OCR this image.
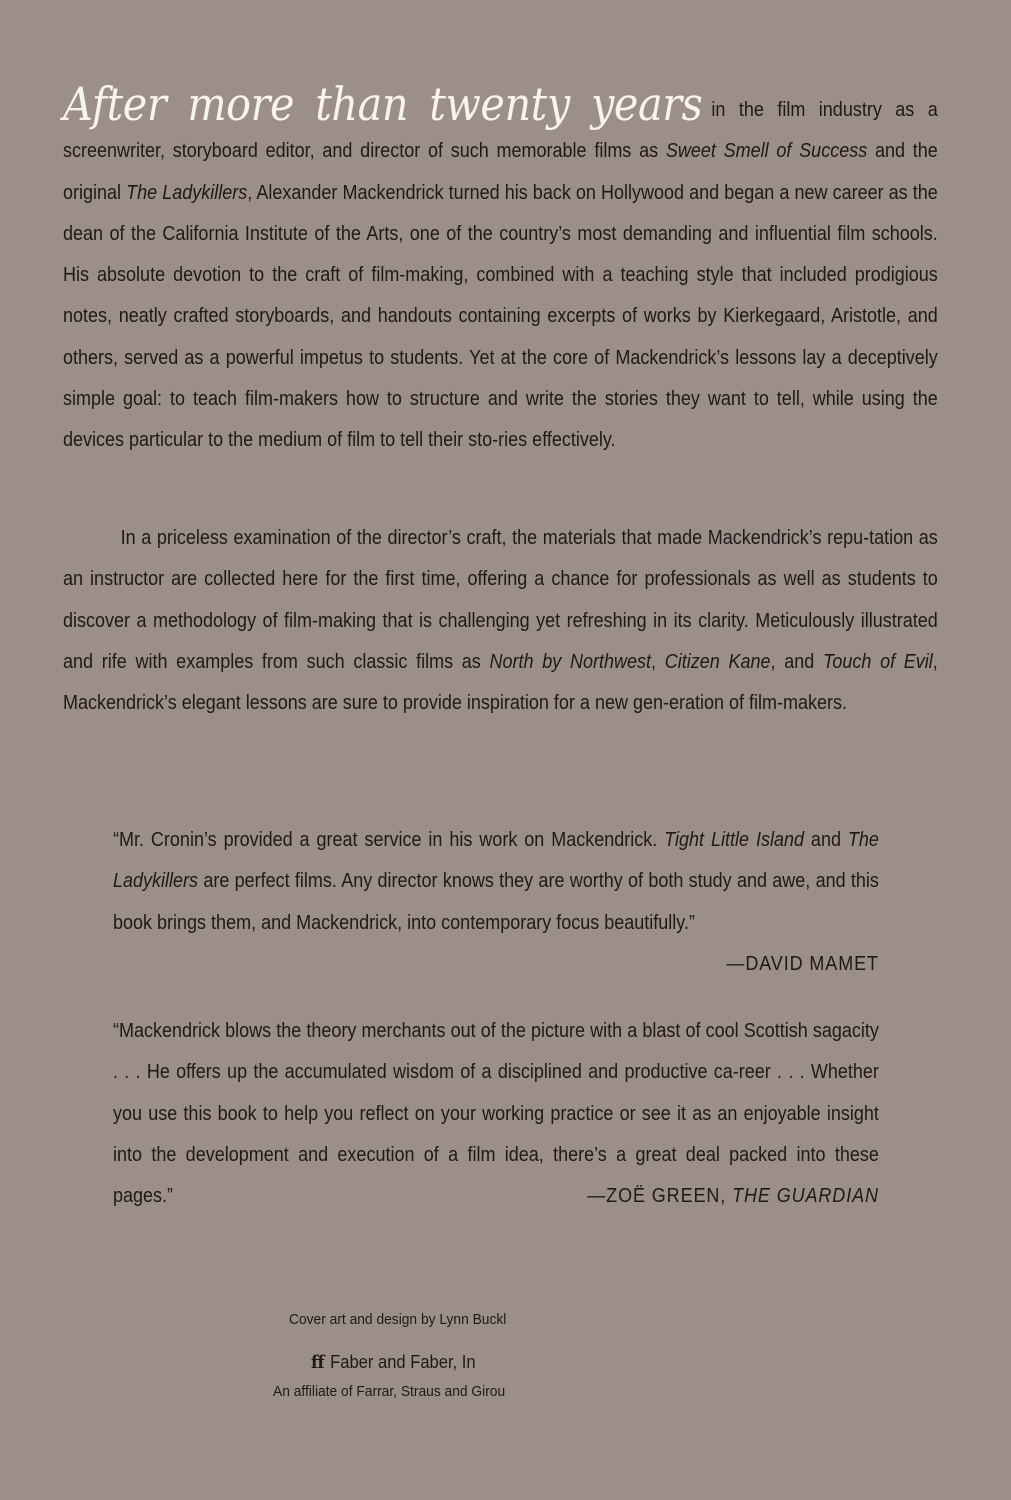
After more than twenty years in the film industry as a screenwriter, storyboard editor, and director of such memorable films as Sweet Smell of Success and the original The Ladykillers, Alexander Mackendrick turned his back on Hollywood and began a new career as the dean of the California Institute of the Arts, one of the country’s most demanding and influential film schools. His absolute devotion to the craft of film-making, combined with a teaching style that included prodigious notes, neatly crafted storyboards, and handouts containing excerpts of works by Kierkegaard, Aristotle, and others, served as a powerful impetus to students. Yet at the core of Mackendrick’s lessons lay a deceptively simple goal: to teach film-makers how to structure and write the stories they want to tell, while using the devices particular to the medium of film to tell their sto-ries effectively.

In a priceless examination of the director’s craft, the materials that made Mackendrick’s repu-tation as an instructor are collected here for the first time, offering a chance for professionals as well as students to discover a methodology of film-making that is challenging yet refreshing in its clarity. Meticulously illustrated and rife with examples from such classic films as North by Northwest, Citizen Kane, and Touch of Evil, Mackendrick’s elegant lessons are sure to provide inspiration for a new gen-eration of film-makers.

“Mr. Cronin’s provided a great service in his work on Mackendrick. Tight Little Island and The Ladykillers are perfect films. Any director knows they are worthy of both study and awe, and this book brings them, and Mackendrick, into contemporary focus beautifully.”
—DAVID MAMET
“Mackendrick blows the theory merchants out of the picture with a blast of cool Scottish sagacity . . . He offers up the accumulated wisdom of a disciplined and productive ca-reer . . . Whether you use this book to help you reflect on your working practice or see it as an enjoyable insight into the development and execution of a film idea, there’s a great deal packed into these pages.”	—ZOË GREEN, THE GUARDIAN
Cover art and design by Lynn Buckl
ff Faber and Faber, In
An affiliate of Farrar, Straus and Girou
